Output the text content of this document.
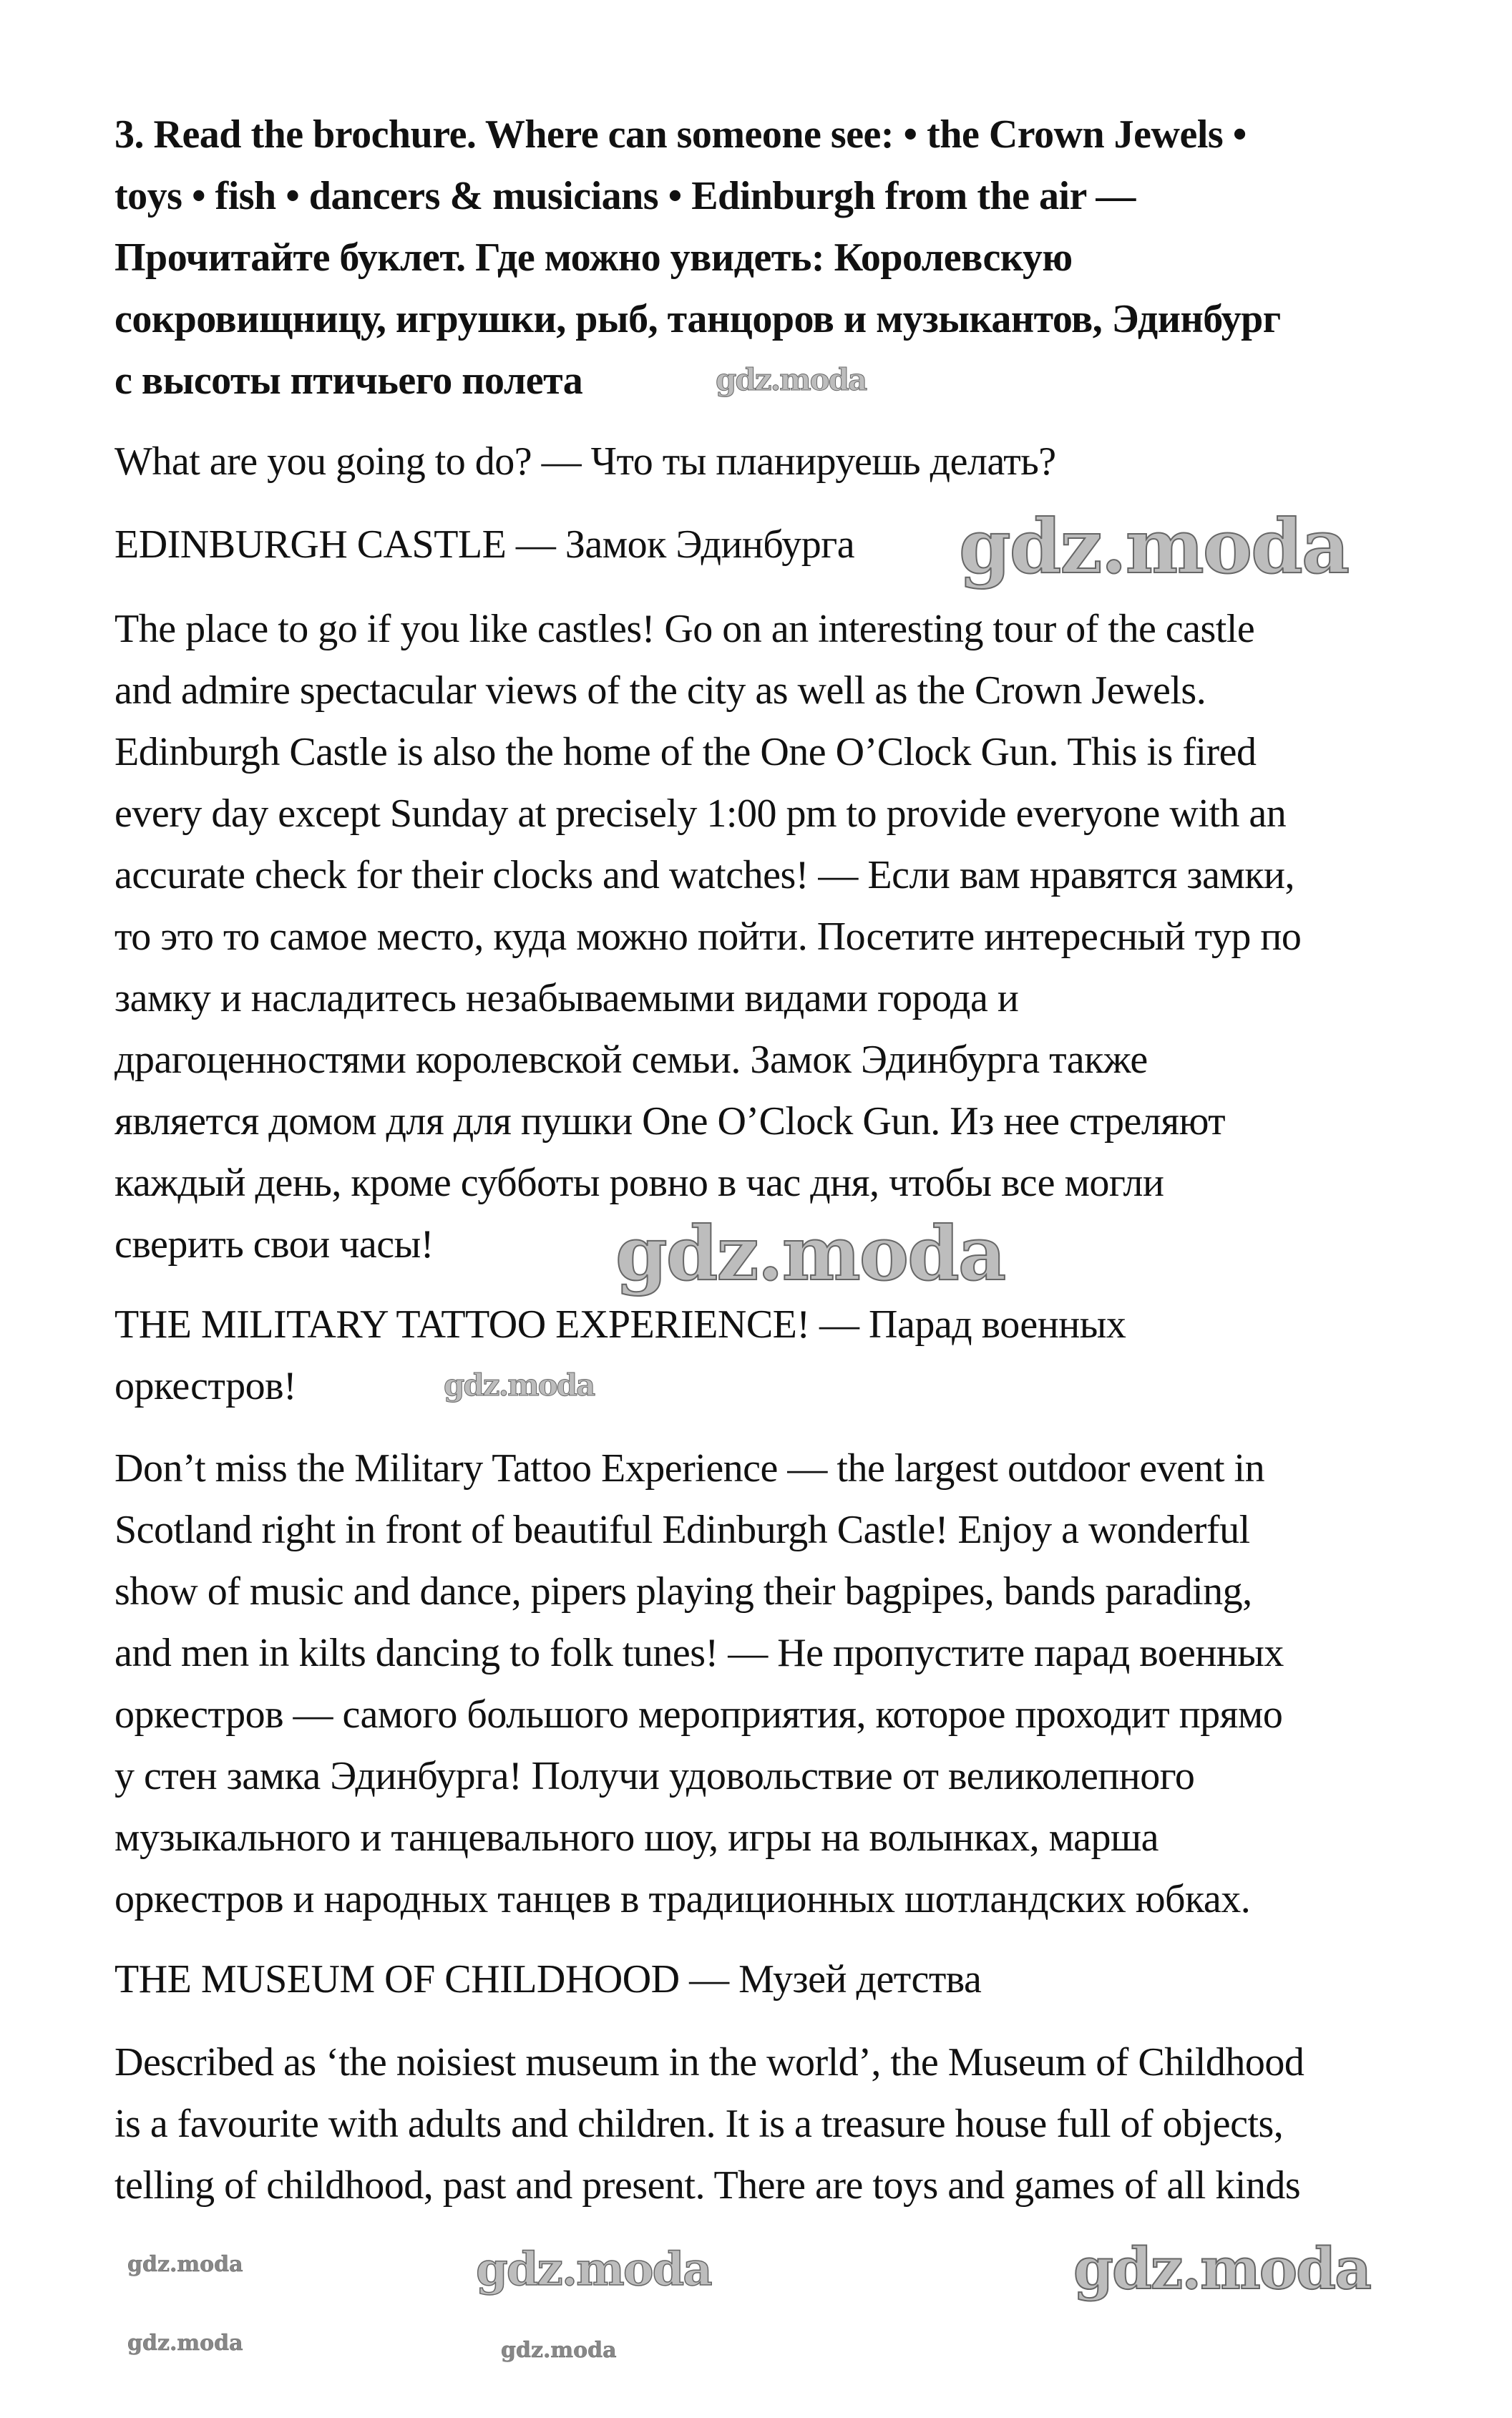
3. Read the brochure. Where can someone see: • the Crown Jewels •
toys • fish • dancers & musicians • Edinburgh from the air —
Прочитайте буклет. Где можно увидеть: Королевскую
сокровищницу, игрушки, рыб, танцоров и музыкантов, Эдинбург
с высоты птичьего полета
What are you going to do? — Что ты планируешь делать?
EDINBURGH CASTLE — Замок Эдинбурга
The place to go if you like castles! Go on an interesting tour of the castle
and admire spectacular views of the city as well as the Crown Jewels.
Edinburgh Castle is also the home of the One O’Clock Gun. This is fired
every day except Sunday at precisely 1:00 pm to provide everyone with an
accurate check for their clocks and watches! — Если вам нравятся замки,
то это то самое место, куда можно пойти. Посетите интересный тур по
замку и насладитесь незабываемыми видами города и
драгоценностями королевской семьи. Замок Эдинбурга также
является домом для для пушки One O’Clock Gun. Из нее стреляют
каждый день, кроме субботы ровно в час дня, чтобы все могли
сверить свои часы!
THE MILITARY TATTOO EXPERIENCE! — Парад военных
оркестров!
Don’t miss the Military Tattoo Experience — the largest outdoor event in
Scotland right in front of beautiful Edinburgh Castle! Enjoy a wonderful
show of music and dance, pipers playing their bagpipes, bands parading,
and men in kilts dancing to folk tunes! — Не пропустите парад военных
оркестров — самого большого мероприятия, которое проходит прямо
у стен замка Эдинбурга! Получи удовольствие от великолепного
музыкального и танцевального шоу, игры на волынках, марша
оркестров и народных танцев в традиционных шотландских юбках.
THE MUSEUM OF CHILDHOOD — Музей детства
Described as ‘the noisiest museum in the world’, the Museum of Childhood
is a favourite with adults and children. It is a treasure house full of objects,
telling of childhood, past and present. There are toys and games of all kinds
gdz.moda
gdz.moda
gdz.moda
gdz.moda
gdz.moda	gdz.moda
gdz.moda
gdz.moda	gdz.moda
